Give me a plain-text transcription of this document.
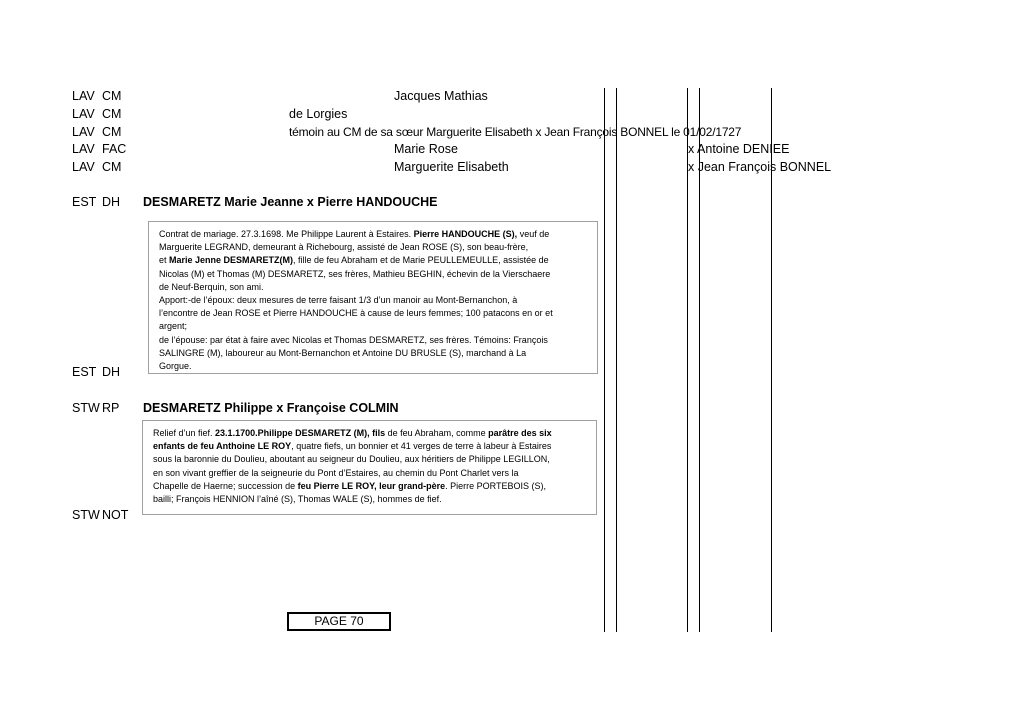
LAV CM	Jacques Mathias
LAV CM	de Lorgies
LAV CM	témoin au CM de sa sœur Marguerite Elisabeth x Jean François BONNEL le 01/02/1727
LAV FAC	Marie Rose	x Antoine DENIEE
LAV CM	Marguerite Elisabeth	x Jean François BONNEL
EST DH DESMARETZ Marie Jeanne x Pierre HANDOUCHE
Contrat de mariage. 27.3.1698. Me Philippe Laurent à Estaires. Pierre HANDOUCHE (S), veuf de
Marguerite LEGRAND, demeurant à Richebourg, assisté de Jean ROSE (S), son beau-frère,
et Marie Jenne DESMARETZ(M), fille de feu Abraham et de Marie PEULLEMEULLE, assistée de
Nicolas (M) et Thomas (M) DESMARETZ, ses frères, Mathieu BEGHIN, échevin de la Vierschaere
de Neuf-Berquin, son ami.
Apport:-de l’époux: deux mesures de terre faisant 1/3 d’un manoir au Mont-Bernanchon, à
l’encontre de Jean ROSE et Pierre HANDOUCHE à cause de leurs femmes; 100 patacons en or et
argent;
de l’épouse: par état à faire avec Nicolas et Thomas DESMARETZ, ses frères. Témoins: François
SALINGRE (M), laboureur au Mont-Bernanchon et Antoine DU BRUSLE (S), marchand à La
Gorgue.
EST DH
STW RP DESMARETZ Philippe x Françoise COLMIN
Relief d’un fief. 23.1.1700.Philippe DESMARETZ (M), fils de feu Abraham, comme parâtre des six
enfants de feu Anthoine LE ROY, quatre fiefs, un bonnier et 41 verges de terre à labeur à Estaires
sous la baronnie du Doulieu, aboutant au seigneur du Doulieu, aux héritiers de Philippe LEGILLON,
en son vivant greffier de la seigneurie du Pont d’Estaires, au chemin du Pont Charlet vers la
Chapelle de Haerne; succession de feu Pierre LE ROY, leur grand-père. Pierre PORTEBOIS (S),
bailli; François HENNION l’aîné (S), Thomas WALE (S), hommes de fief.
STW NOT
PAGE 70
